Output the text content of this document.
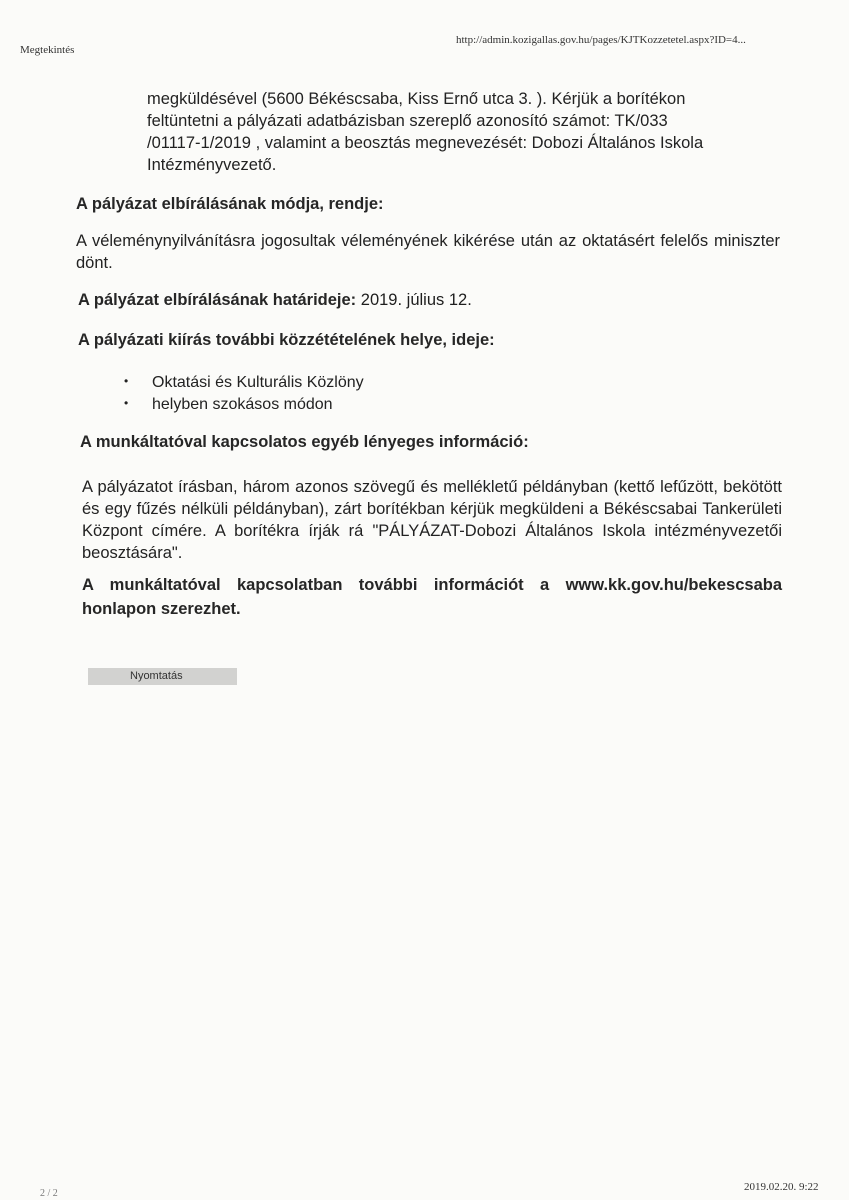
Megtekintés
http://admin.kozigallas.gov.hu/pages/KJTKozzetetel.aspx?ID=4...
megküldésével (5600 Békéscsaba, Kiss Ernő utca 3. ). Kérjük a borítékon
feltüntetni a pályázati adatbázisban szereplő azonosító számot: TK/033
/01117-1/2019 , valamint a beosztás megnevezését: Dobozi Általános Iskola
Intézményvezető.
A pályázat elbírálásának módja, rendje:
A véleménynyilvánításra jogosultak véleményének kikérése után az oktatásért felelős miniszter dönt.
A pályázat elbírálásának határideje: 2019. július 12.
A pályázati kiírás további közzétételének helye, ideje:
• Oktatási és Kulturális Közlöny
• helyben szokásos módon
A munkáltatóval kapcsolatos egyéb lényeges információ:
A pályázatot írásban, három azonos szövegű és mellékletű példányban (kettő lefűzött, bekötött és egy fűzés nélküli példányban), zárt borítékban kérjük megküldeni a Békéscsabai Tankerületi Központ címére. A borítékra írják rá "PÁLYÁZAT-Dobozi Általános Iskola intézményvezetői beosztására".
A munkáltatóval kapcsolatban további információt a www.kk.gov.hu/bekescsaba honlapon szerezhet.
Nyomtatás
2 / 2
2019.02.20. 9:22
